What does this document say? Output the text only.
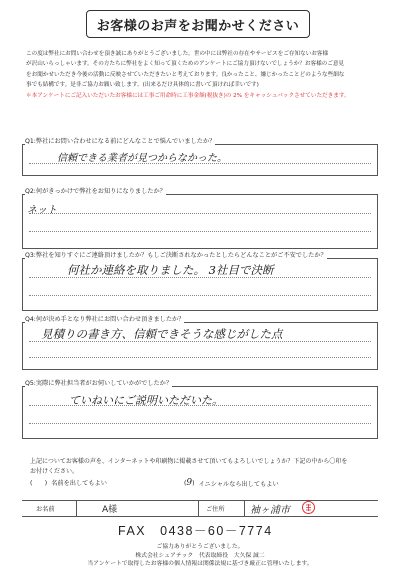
お客様のお声をお聞かせください

この度は弊社にお問い合わせを頂き誠にありがとうございました。世の中には弊社の存在やサービスをご存知ないお客様

が沢山いらっしゃいます。その方たちに弊社をよく知って頂くためのアンケートにご協力頂けないでしょうか？お客様のご意見

をお聞かせいただき今後の活動に反映させていただきたいと考えております。良かったこと、嫌じかったことどのような些細な

事でも結構です。是非ご協力お願い致します。(出来るだけ具体的に書いて頂ければ幸いです)

＊本アンケートにご記入いただいたお客様には工事ご用命時に工事金額(税抜き)の 2% をキャッシュバックさせていただきます。

Q1:弊社にお問い合わせになる前にどんなことで悩んでいましたか？
信頼できる業者が見つからなかった。
Q2:何がきっかけで弊社をお知りになりましたか？
ネット
Q3:弊社を知りすぐにご連絡頂けましたか？もしご決断されなかったとしたらどんなことがご不安でしたか？
何社か連絡を取りました。 3社目で決断
Q4:何が決め手となり弊社にお問い合わせ頂きましたか？
見積りの書き方、信頼できそうな感じがした点
Q5:実際に弊社担当者がお伺いしていかがでしたか？
ていねいにご説明いただいた。
上記についてお客様の声を、インターネットや印刷物に掲載させて頂いてもよろしいでしょうか？下記の中から〇印を
お付けください。
(　　) 名前を出してもよい	(9) イニシャルなら出してもよい
お名前	A様	ご住所	袖ヶ浦市
FAX　0438－60－7774
ご協力ありがとうございました。
株式会社シェアテック　代表取締役　大久保 誠二
当アンケートで取得したお客様の個人情報は関係法規に基づき厳正に管理いたします。
